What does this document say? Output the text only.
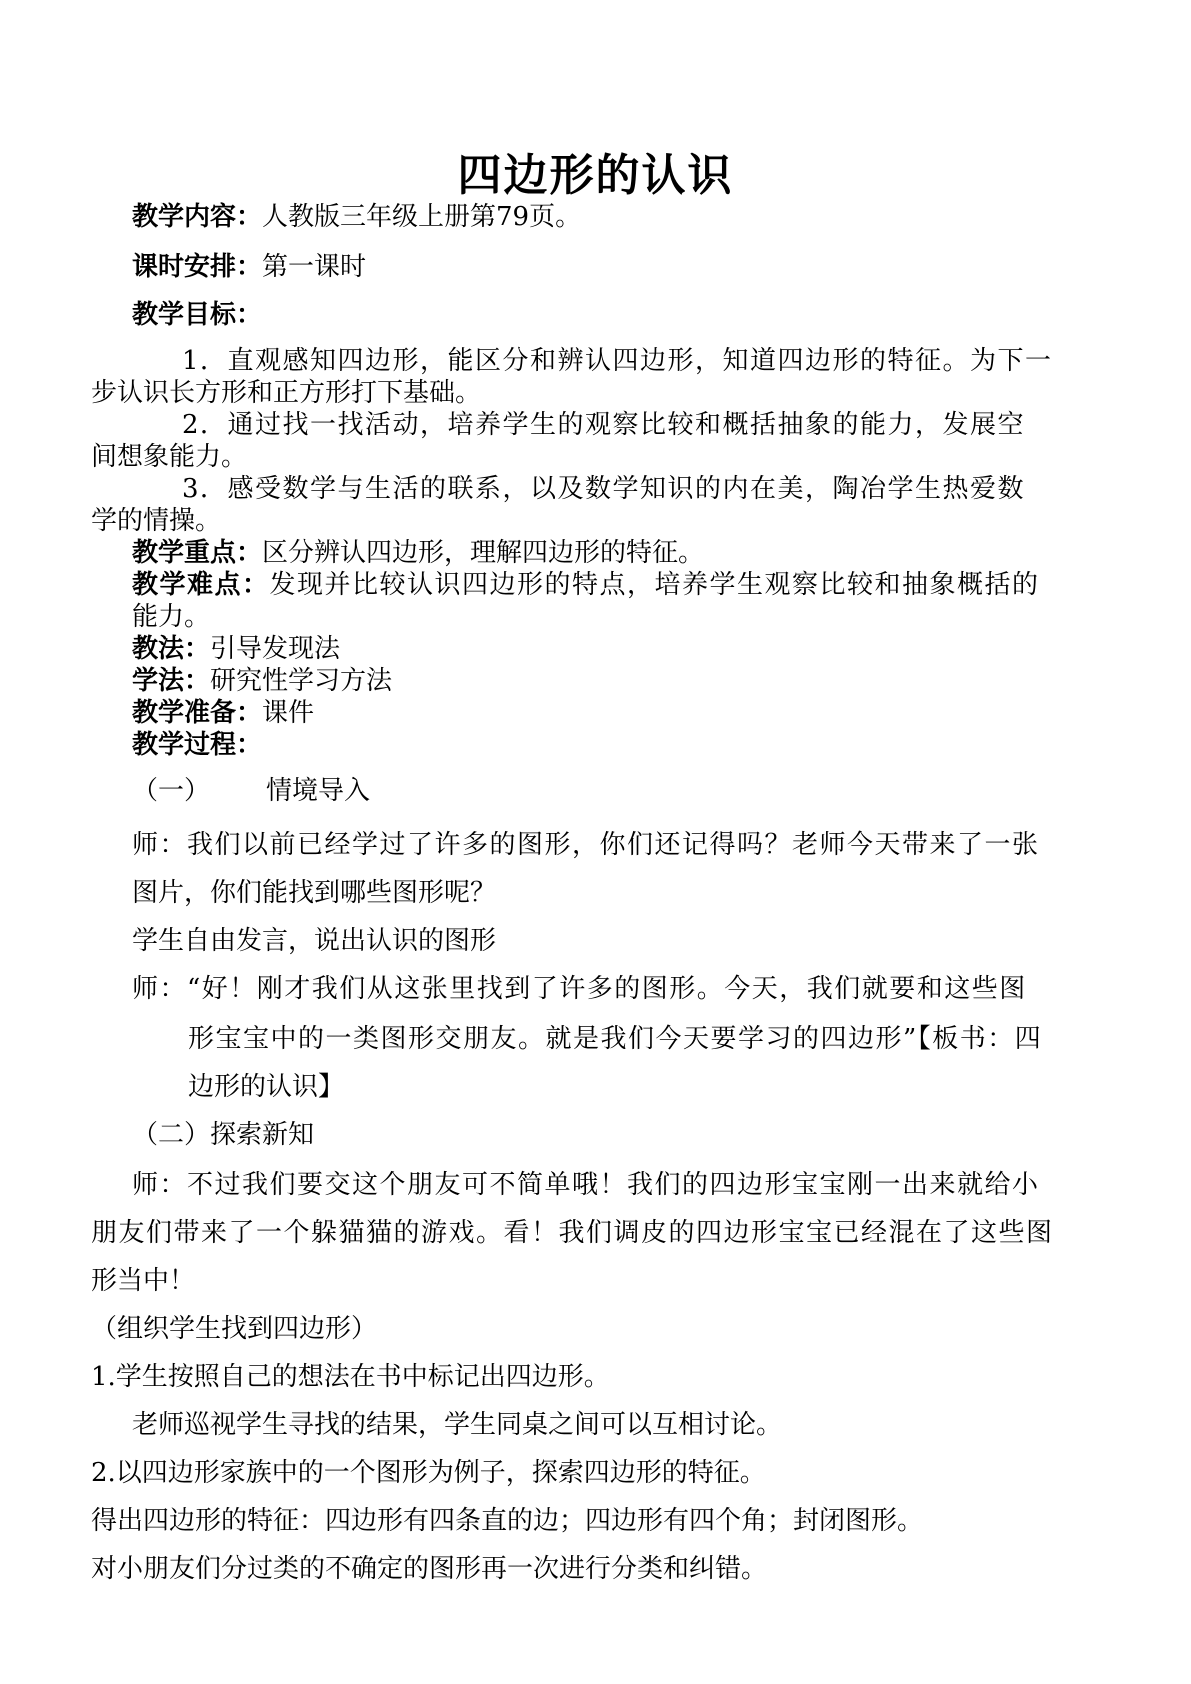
四边形的认识
教学内容：人教版三年级上册第79页。
课时安排：第一课时
教学目标：
1．直观感知四边形，能区分和辨认四边形，知道四边形的特征。为下一
步认识长方形和正方形打下基础。
2．通过找一找活动，培养学生的观察比较和概括抽象的能力，发展空
间想象能力。
3．感受数学与生活的联系，以及数学知识的内在美，陶冶学生热爱数
学的情操。
教学重点：区分辨认四边形，理解四边形的特征。
教学难点：发现并比较认识四边形的特点，培养学生观察比较和抽象概括的
能力。
教法：引导发现法
学法：研究性学习方法
教学准备：课件
教学过程：
（一） 情境导入
师：我们以前已经学过了许多的图形，你们还记得吗？老师今天带来了一张
图片，你们能找到哪些图形呢？
学生自由发言，说出认识的图形
师：“好！刚才我们从这张里找到了许多的图形。今天，我们就要和这些图
形宝宝中的一类图形交朋友。就是我们今天要学习的四边形”【板书：四
边形的认识】
（二）探索新知
师：不过我们要交这个朋友可不简单哦！我们的四边形宝宝刚一出来就给小
朋友们带来了一个躲猫猫的游戏。看！我们调皮的四边形宝宝已经混在了这些图
形当中！
（组织学生找到四边形）
1.学生按照自己的想法在书中标记出四边形。
老师巡视学生寻找的结果，学生同桌之间可以互相讨论。
2.以四边形家族中的一个图形为例子，探索四边形的特征。
得出四边形的特征：四边形有四条直的边；四边形有四个角；封闭图形。
对小朋友们分过类的不确定的图形再一次进行分类和纠错。
